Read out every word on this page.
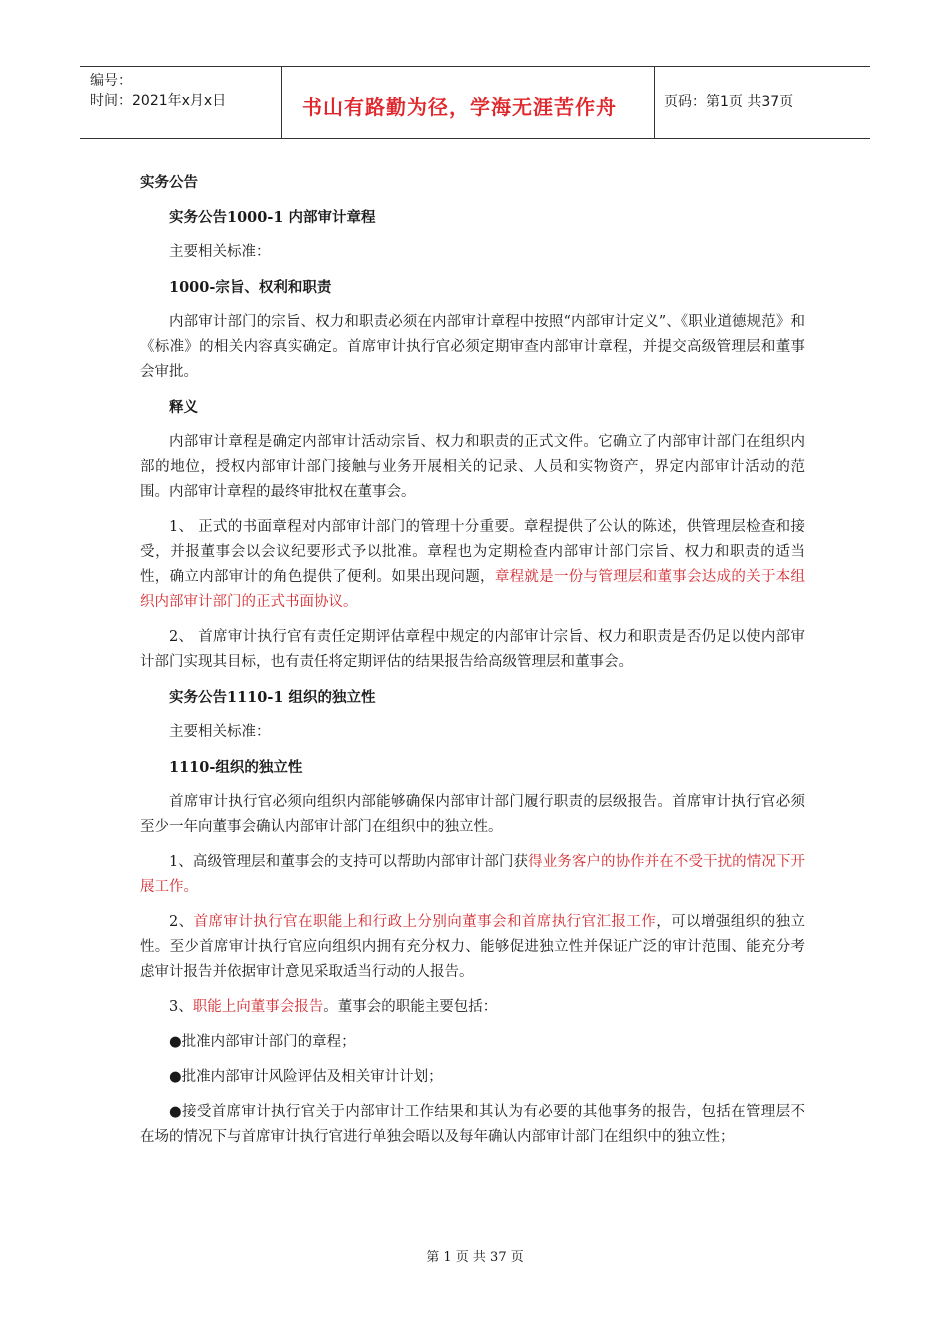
编号：
时间：2021年x月x日	书山有路勤为径，学海无涯苦作舟	页码：第1页 共37页

实务公告

实务公告1000-1 内部审计章程

主要相关标准：

1000-宗旨、权利和职责

内部审计部门的宗旨、权力和职责必须在内部审计章程中按照“内部审计定义”、《职业道德规范》和《标准》的相关内容真实确定。首席审计执行官必须定期审查内部审计章程，并提交高级管理层和董事会审批。

释义

内部审计章程是确定内部审计活动宗旨、权力和职责的正式文件。它确立了内部审计部门在组织内部的地位，授权内部审计部门接触与业务开展相关的记录、人员和实物资产，界定内部审计活动的范围。内部审计章程的最终审批权在董事会。

1、 正式的书面章程对内部审计部门的管理十分重要。章程提供了公认的陈述，供管理层检查和接受，并报董事会以会议纪要形式予以批准。章程也为定期检查内部审计部门宗旨、权力和职责的适当性，确立内部审计的角色提供了便利。如果出现问题，章程就是一份与管理层和董事会达成的关于本组织内部审计部门的正式书面协议。

2、 首席审计执行官有责任定期评估章程中规定的内部审计宗旨、权力和职责是否仍足以使内部审计部门实现其目标，也有责任将定期评估的结果报告给高级管理层和董事会。

实务公告1110-1 组织的独立性

主要相关标准：

1110-组织的独立性

首席审计执行官必须向组织内部能够确保内部审计部门履行职责的层级报告。首席审计执行官必须至少一年向董事会确认内部审计部门在组织中的独立性。

1、高级管理层和董事会的支持可以帮助内部审计部门获得业务客户的协作并在不受干扰的情况下开展工作。

2、首席审计执行官在职能上和行政上分别向董事会和首席执行官汇报工作，可以增强组织的独立性。至少首席审计执行官应向组织内拥有充分权力、能够促进独立性并保证广泛的审计范围、能充分考虑审计报告并依据审计意见采取适当行动的人报告。

3、职能上向董事会报告。董事会的职能主要包括：

●批准内部审计部门的章程；

●批准内部审计风险评估及相关审计计划；

●接受首席审计执行官关于内部审计工作结果和其认为有必要的其他事务的报告，包括在管理层不在场的情况下与首席审计执行官进行单独会晤以及每年确认内部审计部门在组织中的独立性；

第 1 页 共 37 页
